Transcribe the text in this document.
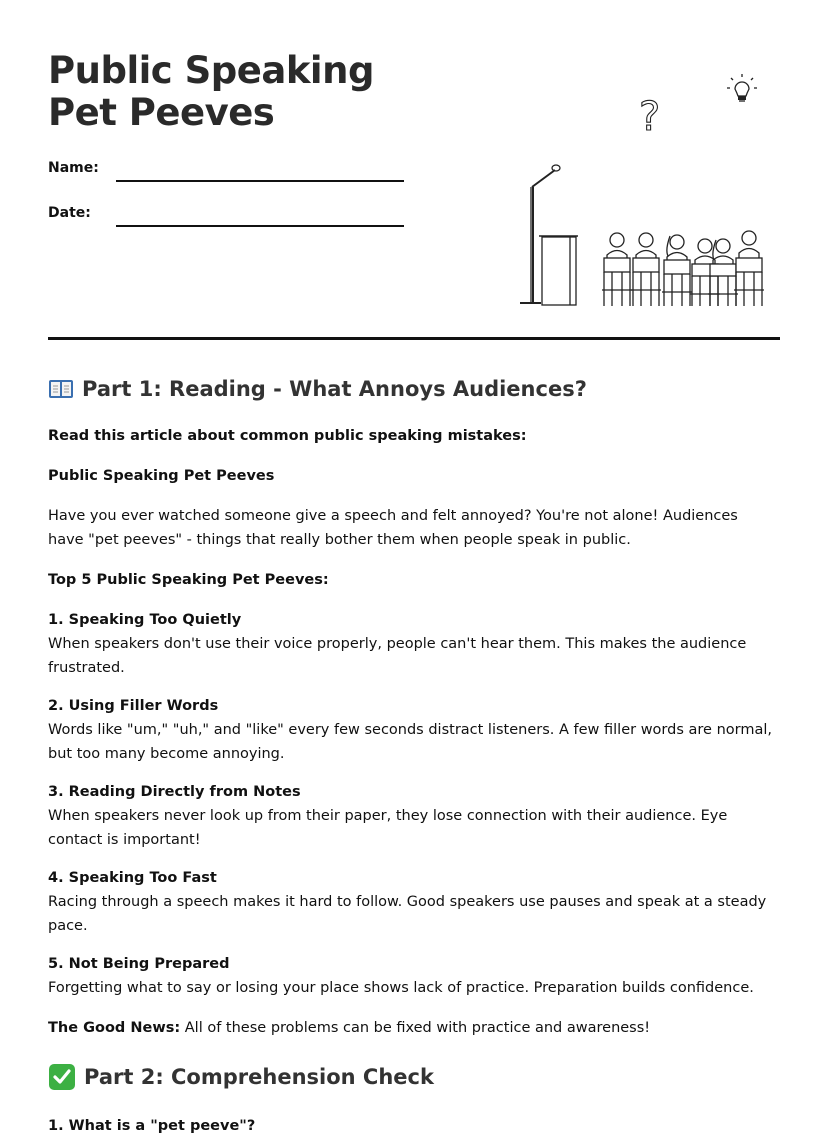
Public Speaking Pet Peeves
Name:
Date:
?
Part 1: Reading - What Annoys Audiences?

Read this article about common public speaking mistakes:

Public Speaking Pet Peeves

Have you ever watched someone give a speech and felt annoyed? You're not alone! Audiences have "pet peeves" - things that really bother them when people speak in public.

Top 5 Public Speaking Pet Peeves:

1. Speaking Too Quietly

When speakers don't use their voice properly, people can't hear them. This makes the audience frustrated.

2. Using Filler Words

Words like "um," "uh," and "like" every few seconds distract listeners. A few filler words are normal, but too many become annoying.

3. Reading Directly from Notes

When speakers never look up from their paper, they lose connection with their audience. Eye contact is important!

4. Speaking Too Fast

Racing through a speech makes it hard to follow. Good speakers use pauses and speak at a steady pace.

5. Not Being Prepared

Forgetting what to say or losing your place shows lack of practice. Preparation builds confidence.

The Good News: All of these problems can be fixed with practice and awareness!

Part 2: Comprehension Check

1. What is a "pet peeve"?
